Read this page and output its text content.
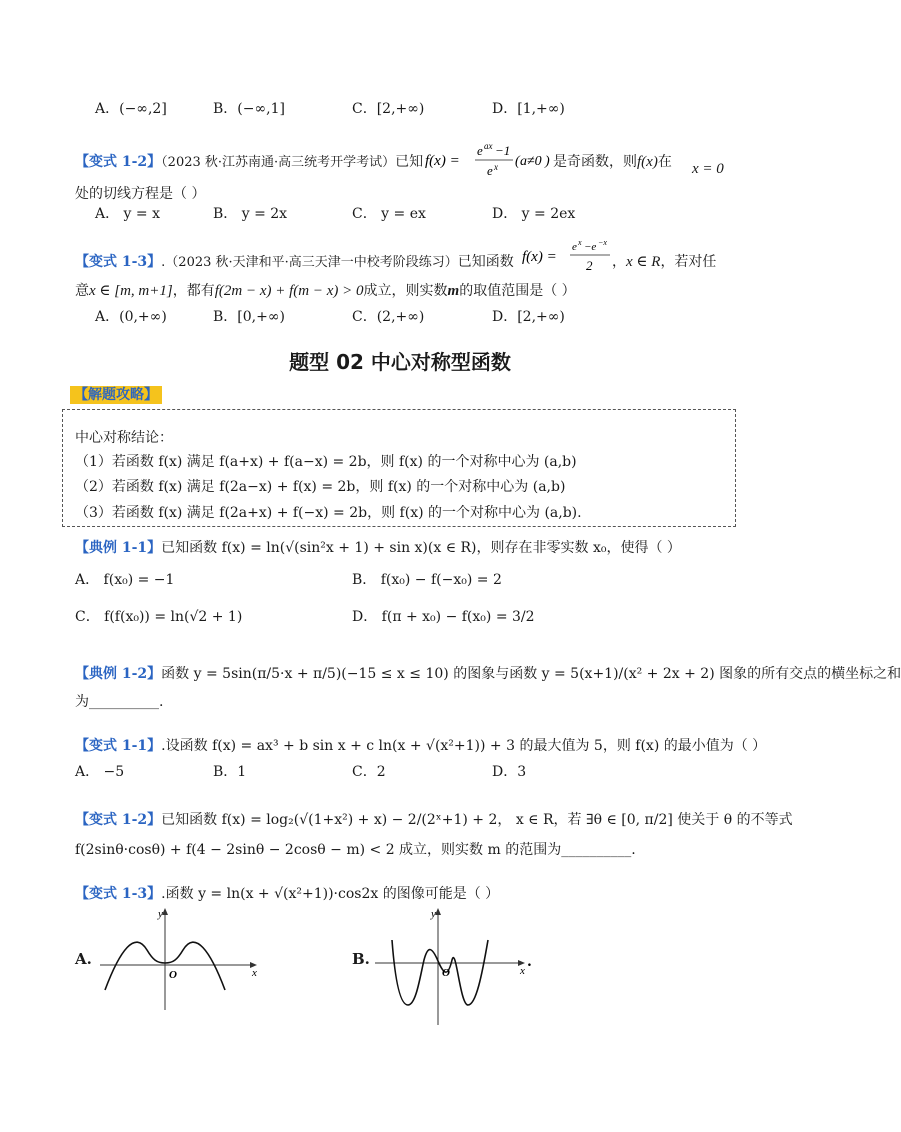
A．(−∞,2]	B．(−∞,1]	C．[2,+∞)	D．[1,+∞)
【变式 1-2】（2023 秋·江苏南通·高三统考开学考试）已知 f(x) =
e ax −1
e x ( a≠0 ) 是奇函数，则f(x)在 x = 0
处的切线方程是（ ）
A． y = x	B． y = 2x	C． y = ex	D． y = 2ex
【变式 1-3】.（2023 秋·天津和平·高三天津一中校考阶段练习）已知函数 f(x) =
e x −e −x
2 ，x ∈ R，若对任
意x ∈ [m, m+1]，都有f(2m − x) + f(m − x) > 0成立，则实数m的取值范围是（ ）
A．(0,+∞)	B．[0,+∞)	C．(2,+∞)	D．[2,+∞)
题型 02 中心对称型函数
【解题攻略】
中心对称结论：
（1）若函数 f(x) 满足 f(a+x) + f(a−x) = 2b，则 f(x) 的一个对称中心为 (a,b)
（2）若函数 f(x) 满足 f(2a−x) + f(x) = 2b，则 f(x) 的一个对称中心为 (a,b)
（3）若函数 f(x) 满足 f(2a+x) + f(−x) = 2b，则 f(x) 的一个对称中心为 (a,b).
【典例 1-1】已知函数 f(x) = ln(√(sin²x + 1) + sin x)(x ∈ R)，则存在非零实数 x₀，使得（ ）
A． f(x₀) = −1	B． f(x₀) − f(−x₀) = 2
C． f(f(x₀)) = ln(√2 + 1)	D． f(π + x₀) − f(x₀) = 3/2
【典例 1-2】函数 y = 5sin(π/5·x + π/5)(−15 ≤ x ≤ 10) 的图象与函数 y = 5(x+1)/(x² + 2x + 2) 图象的所有交点的横坐标之和
为__________.
【变式 1-1】.设函数 f(x) = ax³ + b sin x + c ln(x + √(x²+1)) + 3 的最大值为 5，则 f(x) 的最小值为（ ）
A． −5	B．1	C．2	D．3
【变式 1-2】已知函数 f(x) = log₂(√(1+x²) + x) − 2/(2ˣ+1) + 2， x ∈ R，若 ∃θ ∈ [0, π/2] 使关于 θ 的不等式
f(2sinθ·cosθ) + f(4 − 2sinθ − 2cosθ − m) < 2 成立，则实数 m 的范围为__________.
【变式 1-3】.函数 y = ln(x + √(x²+1))·cos2x 的图像可能是（ ）
A.
x
y
O
B.
x
y
O
.
